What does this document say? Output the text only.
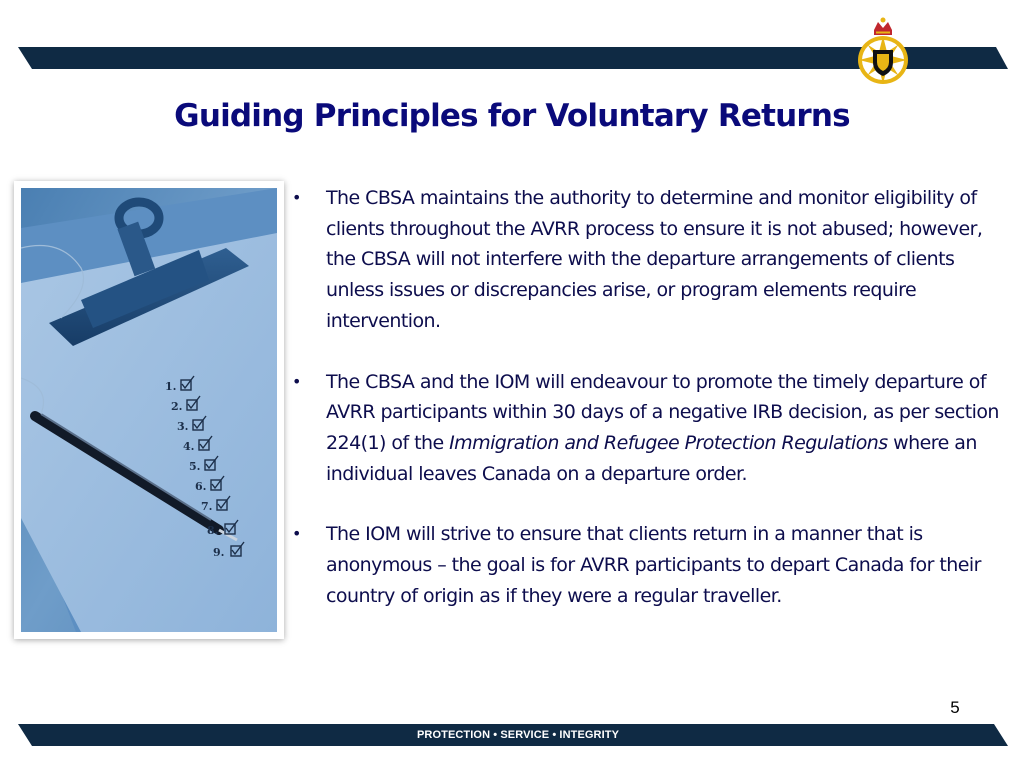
Guiding Principles for Voluntary Returns
1.
2.
3.
4.
5.
6.
7.
8.
9.
• The CBSA maintains the authority to determine and monitor eligibility of clients throughout the AVRR process to ensure it is not abused; however, the CBSA will not interfere with the departure arrangements of clients unless issues or discrepancies arise, or program elements require intervention.
• The CBSA and the IOM will endeavour to promote the timely departure of AVRR participants within 30 days of a negative IRB decision, as per section 224(1) of the Immigration and Refugee Protection Regulations where an individual leaves Canada on a departure order.
• The IOM will strive to ensure that clients return in a manner that is anonymous – the goal is for AVRR participants to depart Canada for their country of origin as if they were a regular traveller.
5
PROTECTION • SERVICE • INTEGRITY
